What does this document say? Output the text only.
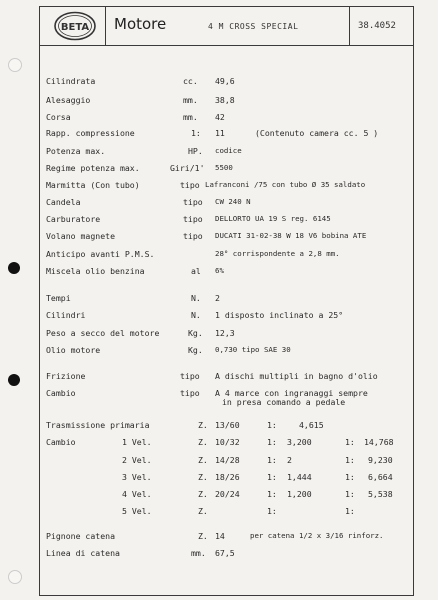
BETA Motore	4 M CROSS SPECIAL	38.4052
Cilindrata	cc. 49,6
Alesaggio	mm. 38,8
Corsa	mm. 42
Rapp. compressione	1: 11	(Contenuto camera cc. 5 )
Potenza max.	HP. codice
Regime potenza max.	Giri/1' 5500
Marmitta (Con tubo)	tipo Lafranconi /75 con tubo Ø 35 saldato
Candela	tipo CW 240 N
Carburatore	tipo DELLORTO UA 19 S reg. 6145
Volano magnete	tipo DUCATI 31-02-38 W 18 V6 bobina ATE
Anticipo avanti P.M.S.	28° corrispondente a 2,8 mm.
Miscela olio benzina	al 6%
Tempi	N. 2
Cilindri	N. 1 disposto inclinato a 25°
Peso a secco del motore	Kg. 12,3
Olio motore	Kg. 0,730 tipo SAE 30
Frizione	tipo A dischi multipli in bagno d'olio
Cambio	tipo A 4 marce con ingranaggi sempre
in presa comando a pedale
Trasmissione primaria	Z. 13/60	1:	4,615
Cambio	1 Vel.	Z. 10/32	1: 3,200	1: 14,768
2 Vel.	Z. 14/28	1: 2	1: 9,230
3 Vel.	Z. 18/26	1: 1,444	1: 6,664
4 Vel.	Z. 20/24	1: 1,200	1: 5,538
5 Vel.	Z.	1:	1:
Pignone catena	Z. 14	per catena 1/2 x 3/16 rinforz.
Linea di catena	mm. 67,5
